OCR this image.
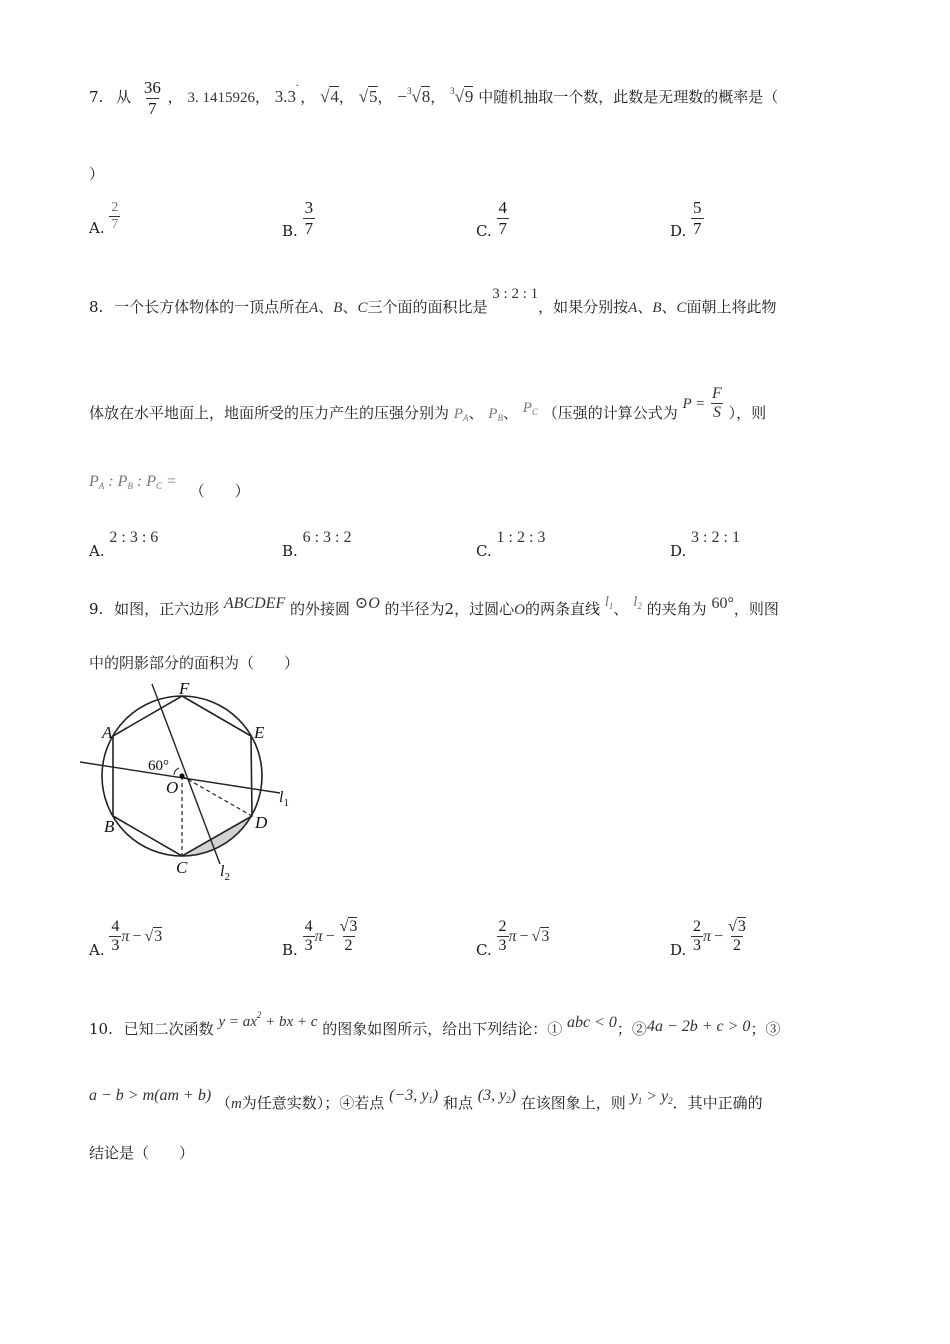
7. 从 $\frac{36}{7}$ ， 3. 1415926， 3.3
·
， √4， √5， −$^3$√8， $^3$√9 中随机抽取一个数，此数是无理数的概率是（
）
A. $\frac{2}{7}$	B. $\frac{3}{7}$	C. $\frac{4}{7}$	D. $\frac{5}{7}$
8. 一个长方体物体的一顶点所在A、B、C三个面的面积比是 3 : 2 : 1，如果分别按A、B、C面朝上将此物
体放在水平地面上，地面所受的压力产生的压强分别为 $P_A$、 $P_B$、 $P_C$ （压强的计算公式为 $P = \frac{F}{S}$ ），则
$P_A$ : $P_B$ : $P_C$ = （　　）
A. 2 : 3 : 6
B. 6 : 3 : 2
C. 1 : 2 : 3
D. 3 : 2 : 1
9. 如图，正六边形 ABCDEF 的外接圆 ⊙O 的半径为2，过圆心O的两条直线 $l_1$、 $l_2$ 的夹角为 60°，则图
中的阴影部分的面积为（　　）
F
A	E
B	D
C
O
60°
$l_1$
$l_2$
A. $\frac{4}{3}$ π − √3
B. $\frac{4}{3}$ $\pi - \frac{√3}{2}$	C. $\frac{2}{3}$ π − √3
D. $\frac{2}{3}$ $\pi - \frac{√3}{2}$
10. 已知二次函数 $y = ax^2$ + bx + c 的图象如图所示，给出下列结论：① abc < 0；②4a − 2b + c > 0；③
a − b > m(am + b) （m为任意实数）；④若点 (−3, $y_1$) 和点 (3, $y_2$) 在该图象上，则 $y_1 > y_2$．其中正确的
结论是（　　）
